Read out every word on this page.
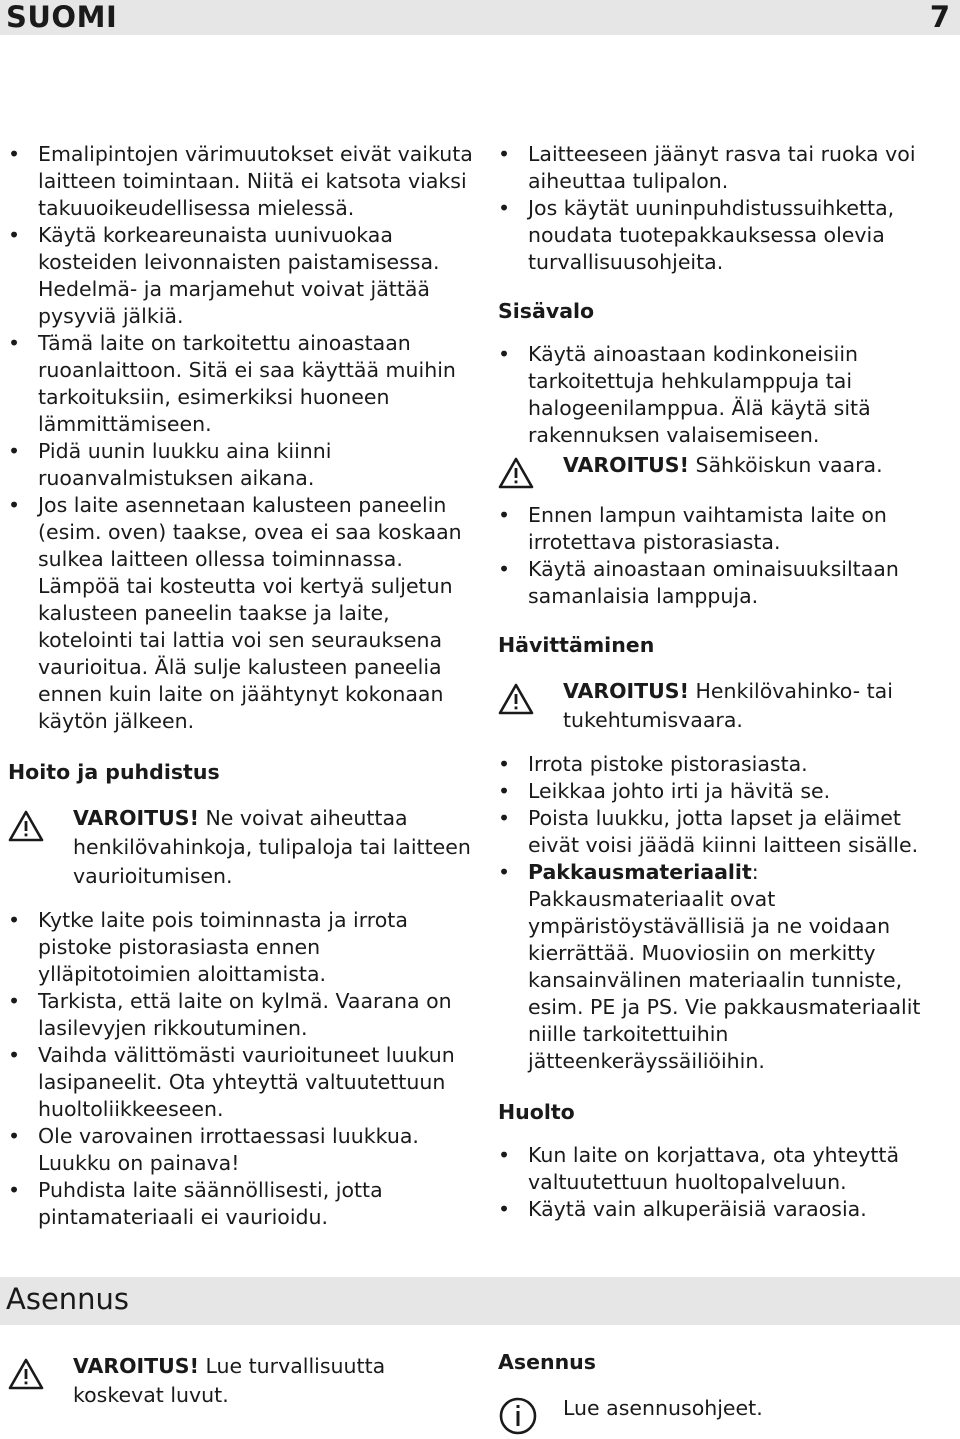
SUOMI	7
• Emalipintojen värimuutokset eivät vaikuta laitteen toimintaan. Niitä ei katsota viaksi takuuoikeudellisessa mielessä.
• Käytä korkeareunaista uunivuokaa kosteiden leivonnaisten paistamisessa. Hedelmä- ja marjamehut voivat jättää pysyviä jälkiä.
• Tämä laite on tarkoitettu ainoastaan ruoanlaittoon. Sitä ei saa käyttää muihin tarkoituksiin, esimerkiksi huoneen lämmittämiseen.
• Pidä uunin luukku aina kiinni ruoanvalmistuksen aikana.
• Jos laite asennetaan kalusteen paneelin (esim. oven) taakse, ovea ei saa koskaan sulkea laitteen ollessa toiminnassa. Lämpöä tai kosteutta voi kertyä suljetun kalusteen paneelin taakse ja laite, kotelointi tai lattia voi sen seurauksena vaurioitua. Älä sulje kalusteen paneelia ennen kuin laite on jäähtynyt kokonaan käytön jälkeen.
Hoito ja puhdistus
VAROITUS! Ne voivat aiheuttaa henkilövahinkoja, tulipaloja tai laitteen vaurioitumisen.
• Kytke laite pois toiminnasta ja irrota pistoke pistorasiasta ennen ylläpitotoimien aloittamista.
• Tarkista, että laite on kylmä. Vaarana on lasilevyjen rikkoutuminen.
• Vaihda välittömästi vaurioituneet luukun lasipaneelit. Ota yhteyttä valtuutettuun huoltoliikkeeseen.
• Ole varovainen irrottaessasi luukkua. Luukku on painava!
• Puhdista laite säännöllisesti, jotta pintamateriaali ei vaurioidu.
• Laitteeseen jäänyt rasva tai ruoka voi aiheuttaa tulipalon.
• Jos käytät uuninpuhdistussuihketta, noudata tuotepakkauksessa olevia turvallisuusohjeita.
Sisävalo
• Käytä ainoastaan kodinkoneisiin tarkoitettuja hehkulamppuja tai halogeenilamppua. Älä käytä sitä rakennuksen valaisemiseen.
VAROITUS! Sähköiskun vaara.
• Ennen lampun vaihtamista laite on irrotettava pistorasiasta.
• Käytä ainoastaan ominaisuuksiltaan samanlaisia lamppuja.
Hävittäminen
VAROITUS! Henkilövahinko- tai tukehtumisvaara.
• Irrota pistoke pistorasiasta.
• Leikkaa johto irti ja hävitä se.
• Poista luukku, jotta lapset ja eläimet eivät voisi jäädä kiinni laitteen sisälle.
• Pakkausmateriaalit:
Pakkausmateriaalit ovat ympäristöystävällisiä ja ne voidaan kierrättää. Muoviosiin on merkitty kansainvälinen materiaalin tunniste, esim. PE ja PS. Vie pakkausmateriaalit niille tarkoitettuihin jätteenkeräyssäiliöihin.
Huolto
• Kun laite on korjattava, ota yhteyttä valtuutettuun huoltopalveluun.
• Käytä vain alkuperäisiä varaosia.
Asennus
VAROITUS! Lue turvallisuutta koskevat luvut.
Asennus
Lue asennusohjeet.
